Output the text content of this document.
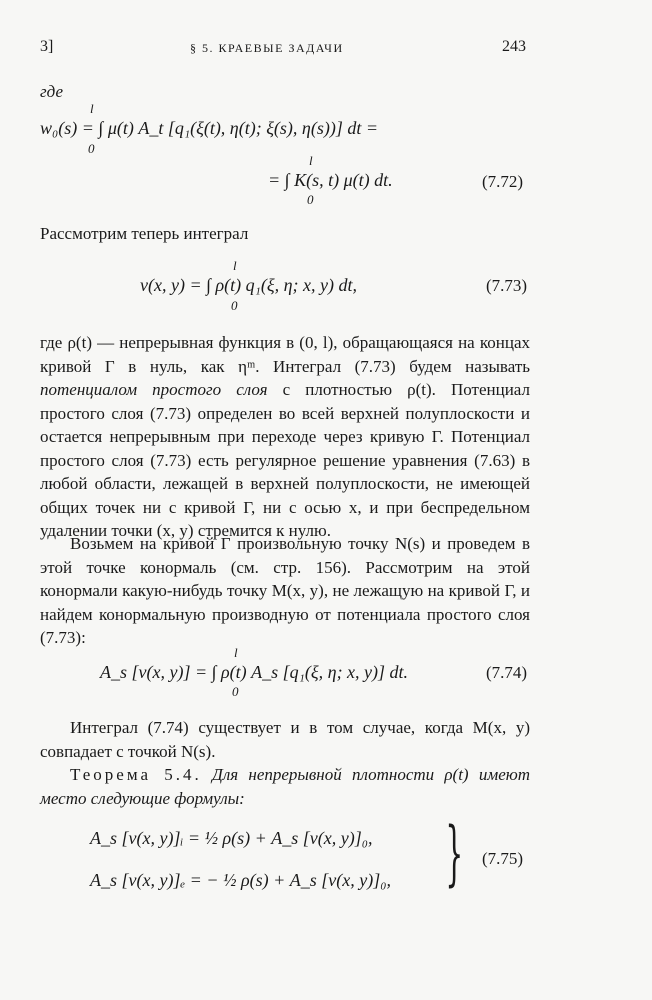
3]	§ 5. КРАЕВЫЕ ЗАДАЧИ	243
где
l
0
w₀(s) = ∫ μ(t) A_t [q₁(ξ(t), η(t); ξ(s), η(s))] dt =
l
0
= ∫ K(s, t) μ(t) dt.	(7.72)
Рассмотрим теперь интеграл
l
0
v(x, y) = ∫ ρ(t) q₁(ξ, η; x, y) dt,	(7.73)
где ρ(t) — непрерывная функция в (0, l), обращающаяся на концах кривой Γ в нуль, как ηᵐ. Интеграл (7.73) будем называть потенциалом простого слоя с плотностью ρ(t). Потенциал простого слоя (7.73) определен во всей верхней полуплоскости и остается непрерывным при переходе через кривую Γ. Потенциал простого слоя (7.73) есть регулярное решение уравнения (7.63) в любой области, лежащей в верхней полуплоскости, не имеющей общих точек ни с кривой Γ, ни с осью x, и при беспредельном удалении точки (x, y) стремится к нулю.
Возьмем на кривой Γ произвольную точку N(s) и проведем в этой точке конормаль (см. стр. 156). Рассмотрим на этой конормали какую-нибудь точку M(x, y), не лежащую на кривой Γ, и найдем конормальную производную от потенциала простого слоя (7.73):
l
0
A_s [v(x, y)] = ∫ ρ(t) A_s [q₁(ξ, η; x, y)] dt.	(7.74)
Интеграл (7.74) существует и в том случае, когда M(x, y) совпадает с точкой N(s).
Теорема 5.4. Для непрерывной плотности ρ(t) имеют место следующие формулы:
A_s [v(x, y)]ᵢ = ½ ρ(s) + A_s [v(x, y)]₀,
A_s [v(x, y)]ₑ = − ½ ρ(s) + A_s [v(x, y)]₀, } (7.75)
